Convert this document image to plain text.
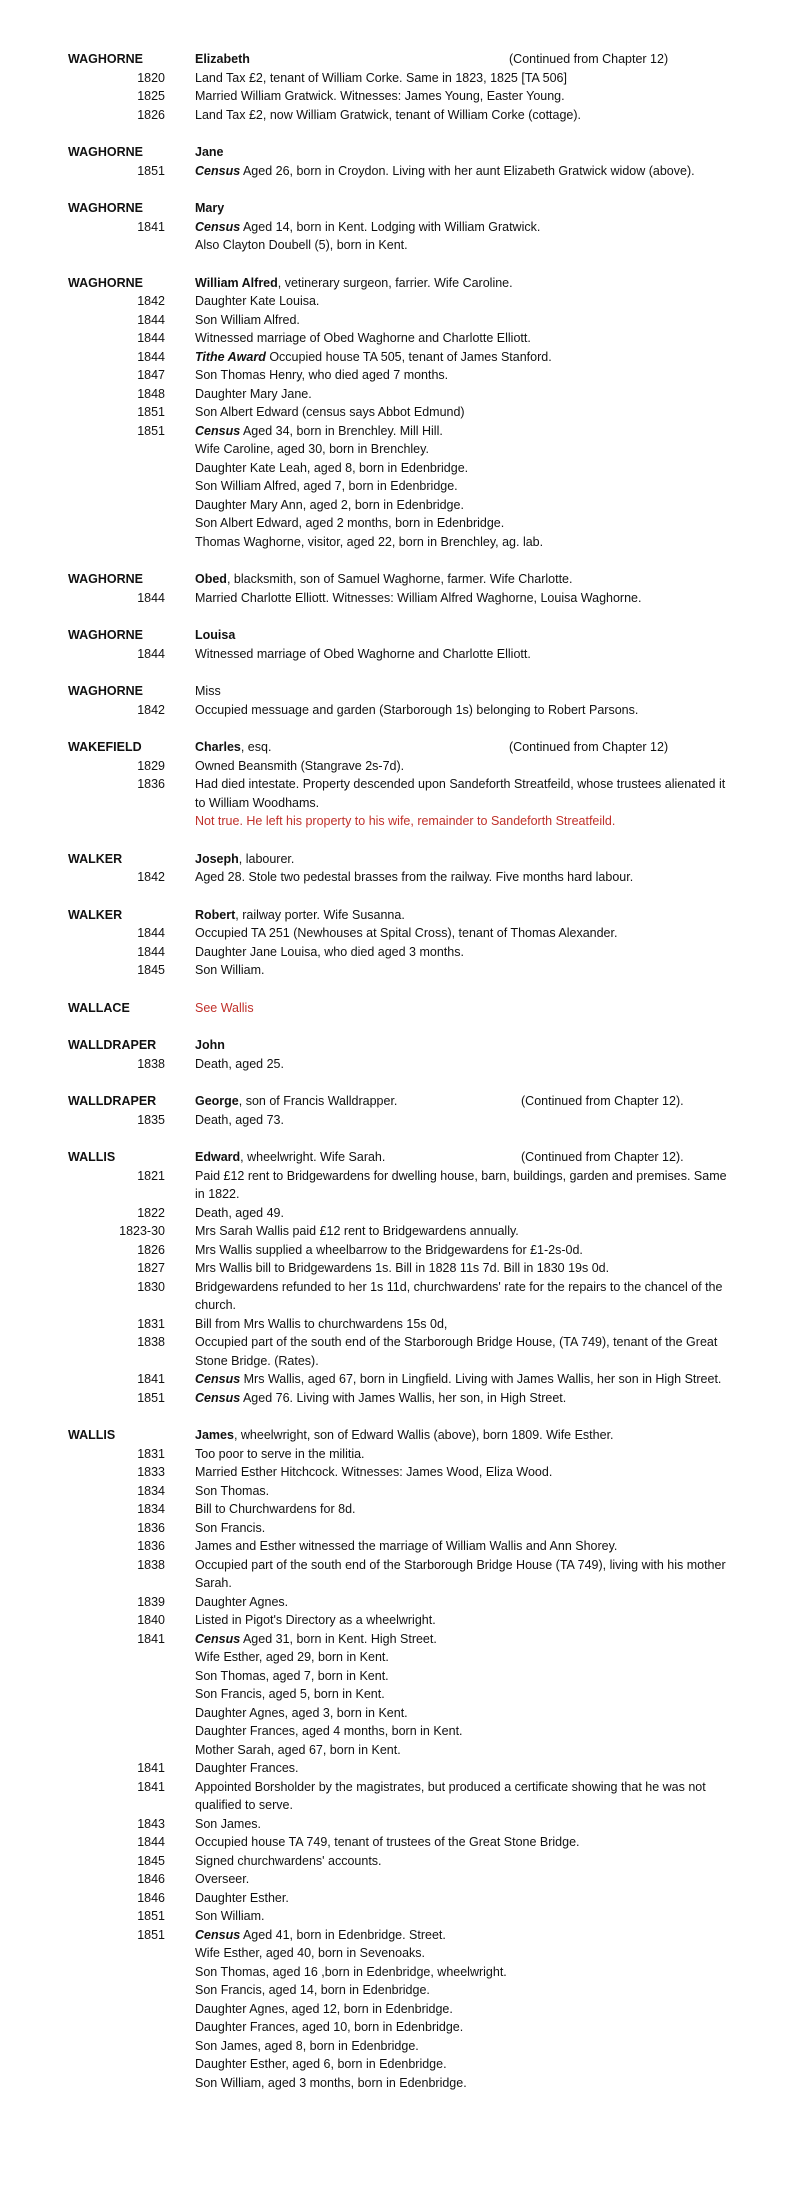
WAGHORNE	Elizabeth	(Continued from Chapter 12)
1820 Land Tax £2, tenant of William Corke. Same in 1823, 1825 [TA 506]
1825 Married William Gratwick. Witnesses: James Young, Easter Young.
1826 Land Tax £2, now William Gratwick, tenant of William Corke (cottage).
WAGHORNE	Jane
1851 Census Aged 26, born in Croydon. Living with her aunt Elizabeth Gratwick widow (above).
WAGHORNE	Mary
1841 Census Aged 14, born in Kent. Lodging with William Gratwick.
Also Clayton Doubell (5), born in Kent.
WAGHORNE	William Alfred, vetinerary surgeon, farrier. Wife Caroline.
1842 Daughter Kate Louisa.
1844 Son William Alfred.
1844 Witnessed marriage of Obed Waghorne and Charlotte Elliott.
1844 Tithe Award Occupied house TA 505, tenant of James Stanford.
1847 Son Thomas Henry, who died aged 7 months.
1848 Daughter Mary Jane.
1851 Son Albert Edward (census says Abbot Edmund)
1851 Census Aged 34, born in Brenchley. Mill Hill.
Wife Caroline, aged 30, born in Brenchley.
Daughter Kate Leah, aged 8, born in Edenbridge.
Son William Alfred, aged 7, born in Edenbridge.
Daughter Mary Ann, aged 2, born in Edenbridge.
Son Albert Edward, aged 2 months, born in Edenbridge.
Thomas Waghorne, visitor, aged 22, born in Brenchley, ag. lab.
WAGHORNE	Obed, blacksmith, son of Samuel Waghorne, farmer. Wife Charlotte.
1844 Married Charlotte Elliott. Witnesses: William Alfred Waghorne, Louisa Waghorne.
WAGHORNE	Louisa
1844 Witnessed marriage of Obed Waghorne and Charlotte Elliott.
WAGHORNE	Miss
1842 Occupied messuage and garden (Starborough 1s) belonging to Robert Parsons.
WAKEFIELD	Charles, esq.	(Continued from Chapter 12)
1829 Owned Beansmith (Stangrave 2s-7d).
1836 Had died intestate. Property descended upon Sandeforth Streatfeild, whose trustees alienated it to William Woodhams.
Not true. He left his property to his wife, remainder to Sandeforth Streatfeild.
WALKER	Joseph, labourer.
1842 Aged 28. Stole two pedestal brasses from the railway. Five months hard labour.
WALKER	Robert, railway porter. Wife Susanna.
1844 Occupied TA 251 (Newhouses at Spital Cross), tenant of Thomas Alexander.
1844 Daughter Jane Louisa, who died aged 3 months.
1845 Son William.
WALLACE	See Wallis
WALLDRAPER	John
1838 Death, aged 25.
WALLDRAPER	George, son of Francis Walldrapper.	(Continued from Chapter 12).
1835 Death, aged 73.
WALLIS	Edward, wheelwright. Wife Sarah.	(Continued from Chapter 12).
1821 Paid £12 rent to Bridgewardens for dwelling house, barn, buildings, garden and premises. Same in 1822.
1822 Death, aged 49.
1823-30 Mrs Sarah Wallis paid £12 rent to Bridgewardens annually.
1826 Mrs Wallis supplied a wheelbarrow to the Bridgewardens for £1-2s-0d.
1827 Mrs Wallis bill to Bridgewardens 1s. Bill in 1828 11s 7d. Bill in 1830 19s 0d.
1830 Bridgewardens refunded to her 1s 11d, churchwardens' rate for the repairs to the chancel of the church.
1831 Bill from Mrs Wallis to churchwardens 15s 0d,
1838 Occupied part of the south end of the Starborough Bridge House, (TA 749), tenant of the Great Stone Bridge. (Rates).
1841 Census Mrs Wallis, aged 67, born in Lingfield. Living with James Wallis, her son in High Street.
1851 Census Aged 76. Living with James Wallis, her son, in High Street.
WALLIS	James, wheelwright, son of Edward Wallis (above), born 1809. Wife Esther.
1831 Too poor to serve in the militia.
1833 Married Esther Hitchcock. Witnesses: James Wood, Eliza Wood.
1834 Son Thomas.
1834 Bill to Churchwardens for 8d.
1836 Son Francis.
1836 James and Esther witnessed the marriage of William Wallis and Ann Shorey.
1838 Occupied part of the south end of the Starborough Bridge House (TA 749), living with his mother Sarah.
1839 Daughter Agnes.
1840 Listed in Pigot's Directory as a wheelwright.
1841 Census Aged 31, born in Kent. High Street.
Wife Esther, aged 29, born in Kent.
Son Thomas, aged 7, born in Kent.
Son Francis, aged 5, born in Kent.
Daughter Agnes, aged 3, born in Kent.
Daughter Frances, aged 4 months, born in Kent.
Mother Sarah, aged 67, born in Kent.
1841 Daughter Frances.
1841 Appointed Borsholder by the magistrates, but produced a certificate showing that he was not qualified to serve.
1843 Son James.
1844 Occupied house TA 749, tenant of trustees of the Great Stone Bridge.
1845 Signed churchwardens' accounts.
1846 Overseer.
1846 Daughter Esther.
1851 Son William.
1851 Census Aged 41, born in Edenbridge. Street.
Wife Esther, aged 40, born in Sevenoaks.
Son Thomas, aged 16 ,born in Edenbridge, wheelwright.
Son Francis, aged 14, born in Edenbridge.
Daughter Agnes, aged 12, born in Edenbridge.
Daughter Frances, aged 10, born in Edenbridge.
Son James, aged 8, born in Edenbridge.
Daughter Esther, aged 6, born in Edenbridge.
Son William, aged 3 months, born in Edenbridge.
